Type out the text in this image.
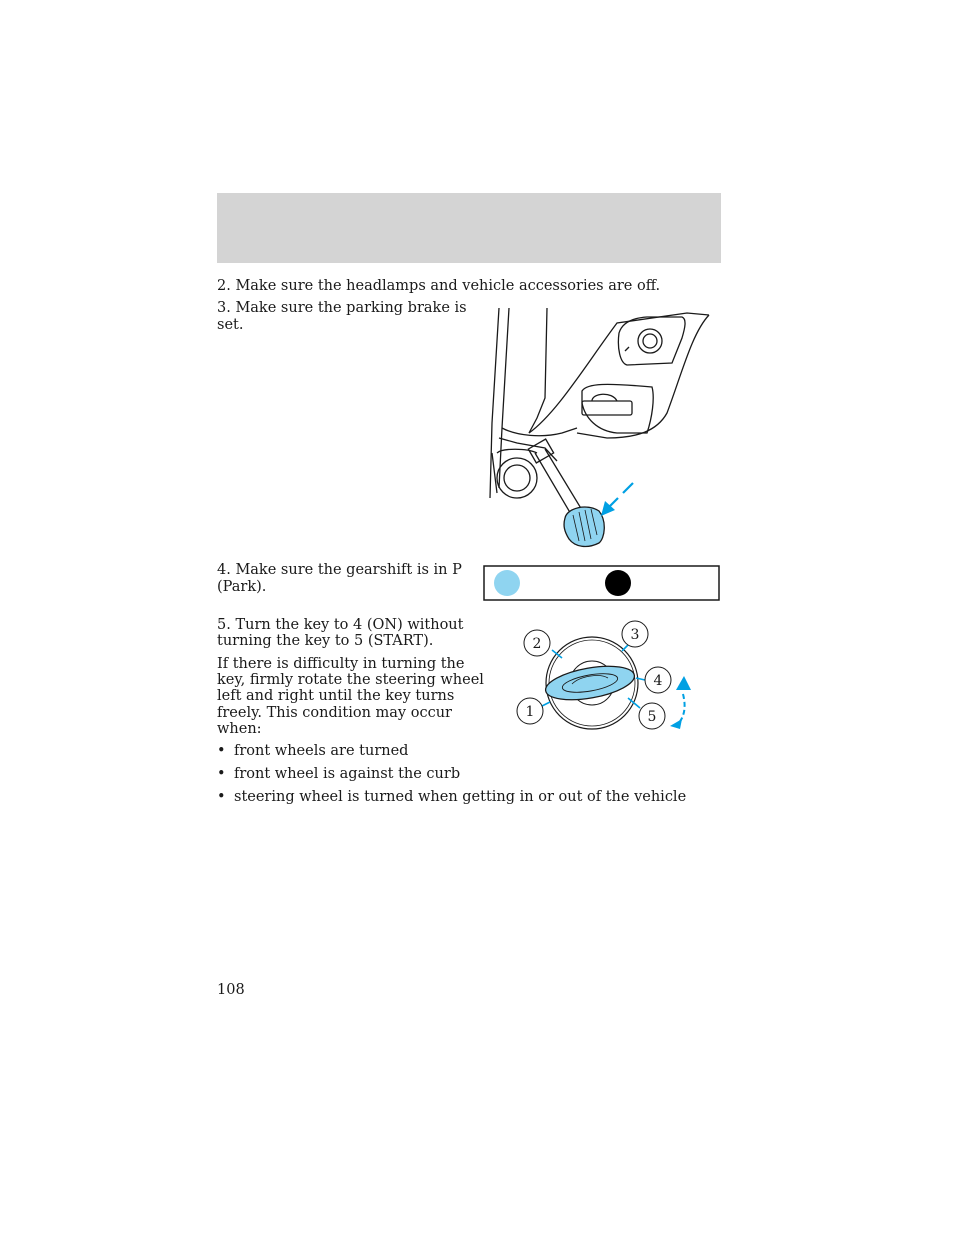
2. Make sure the headlamps and vehicle accessories are off.

3. Make sure the parking brake is

set.

4. Make sure the gearshift is in P

(Park).

5. Turn the key to 4 (ON) without

turning the key to 5 (START).

If there is difficulty in turning the

key, firmly rotate the steering wheel

left and right until the key turns

freely. This condition may occur

when:

2
3
4
1	5
• front wheels are turned
• front wheel is against the curb
• steering wheel is turned when getting in or out of the vehicle

108
